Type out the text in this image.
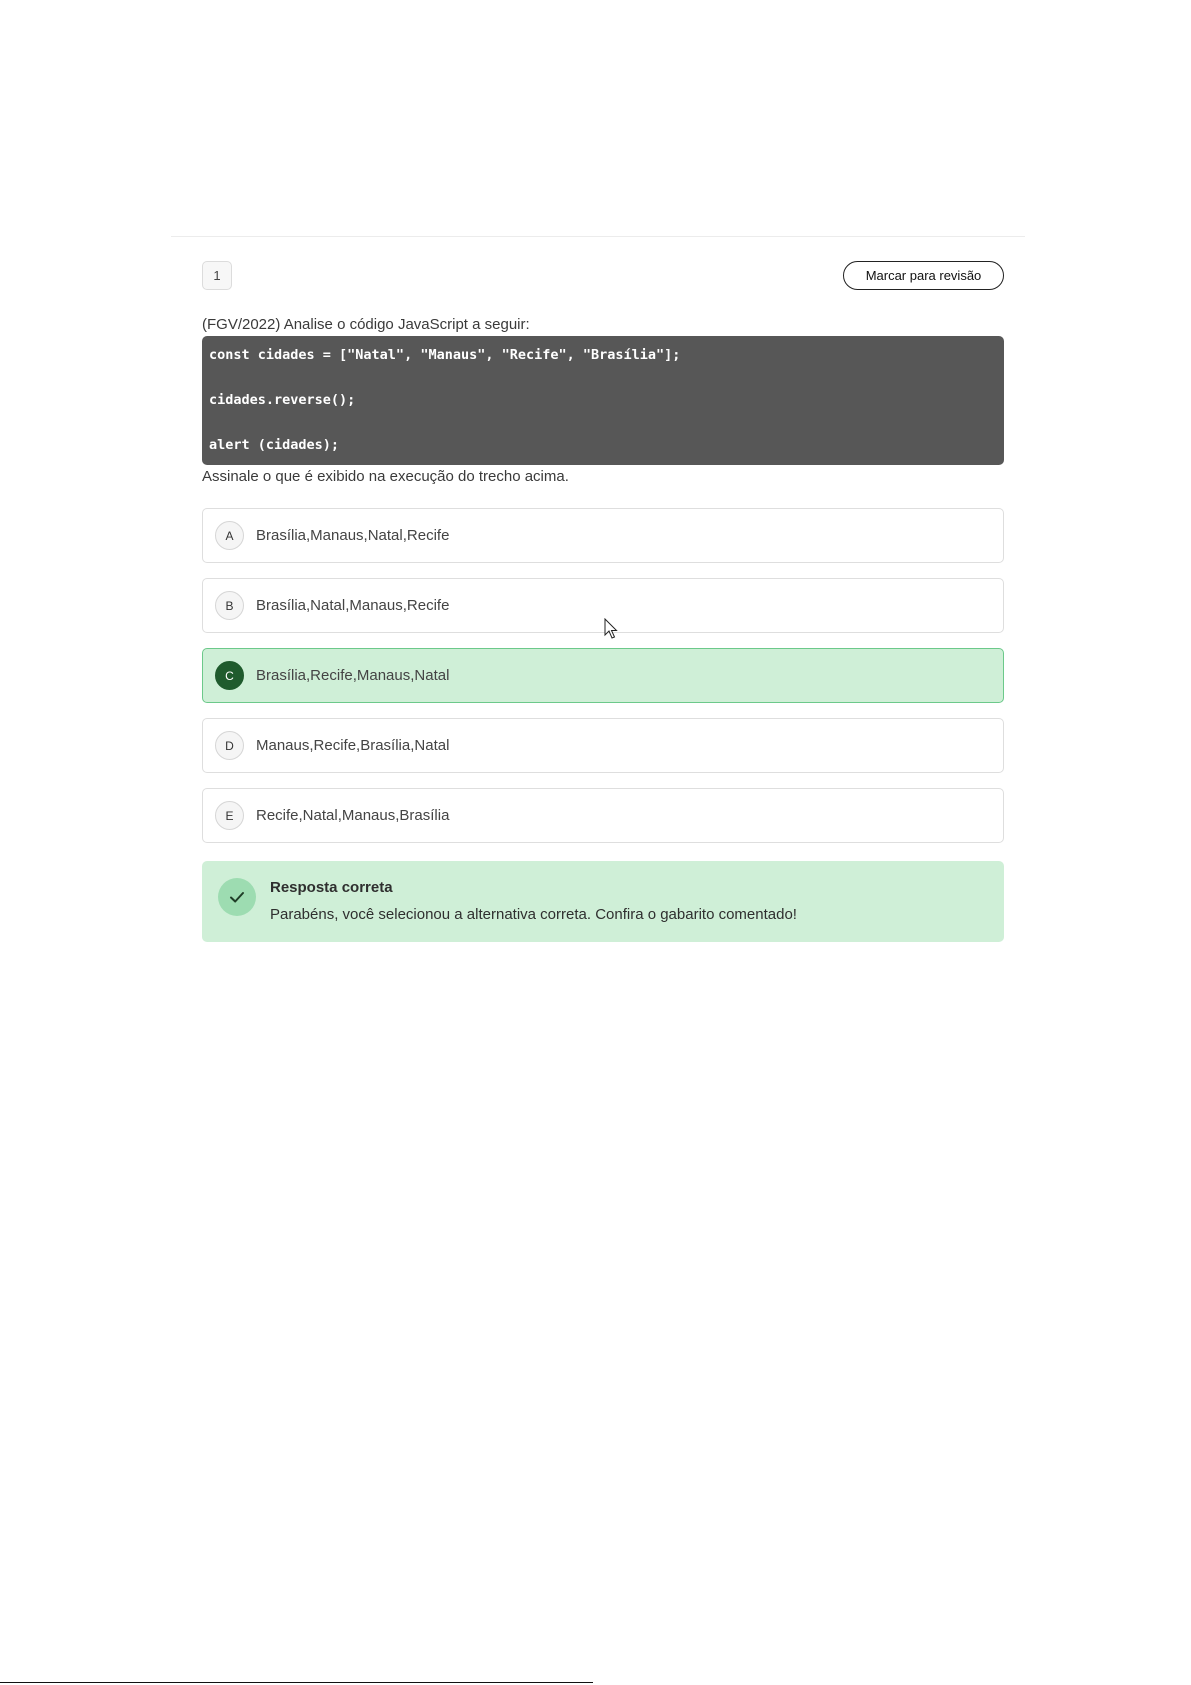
1	Marcar para revisão
(FGV/2022) Analise o código JavaScript a seguir:
const cidades = ["Natal", "Manaus", "Recife", "Brasília"];
cidades.reverse();
alert (cidades);
Assinale o que é exibido na execução do trecho acima.
A	Brasília,Manaus,Natal,Recife
B	Brasília,Natal,Manaus,Recife
C	Brasília,Recife,Manaus,Natal
D	Manaus,Recife,Brasília,Natal
E	Recife,Natal,Manaus,Brasília
Resposta correta
Parabéns, você selecionou a alternativa correta. Confira o gabarito comentado!
